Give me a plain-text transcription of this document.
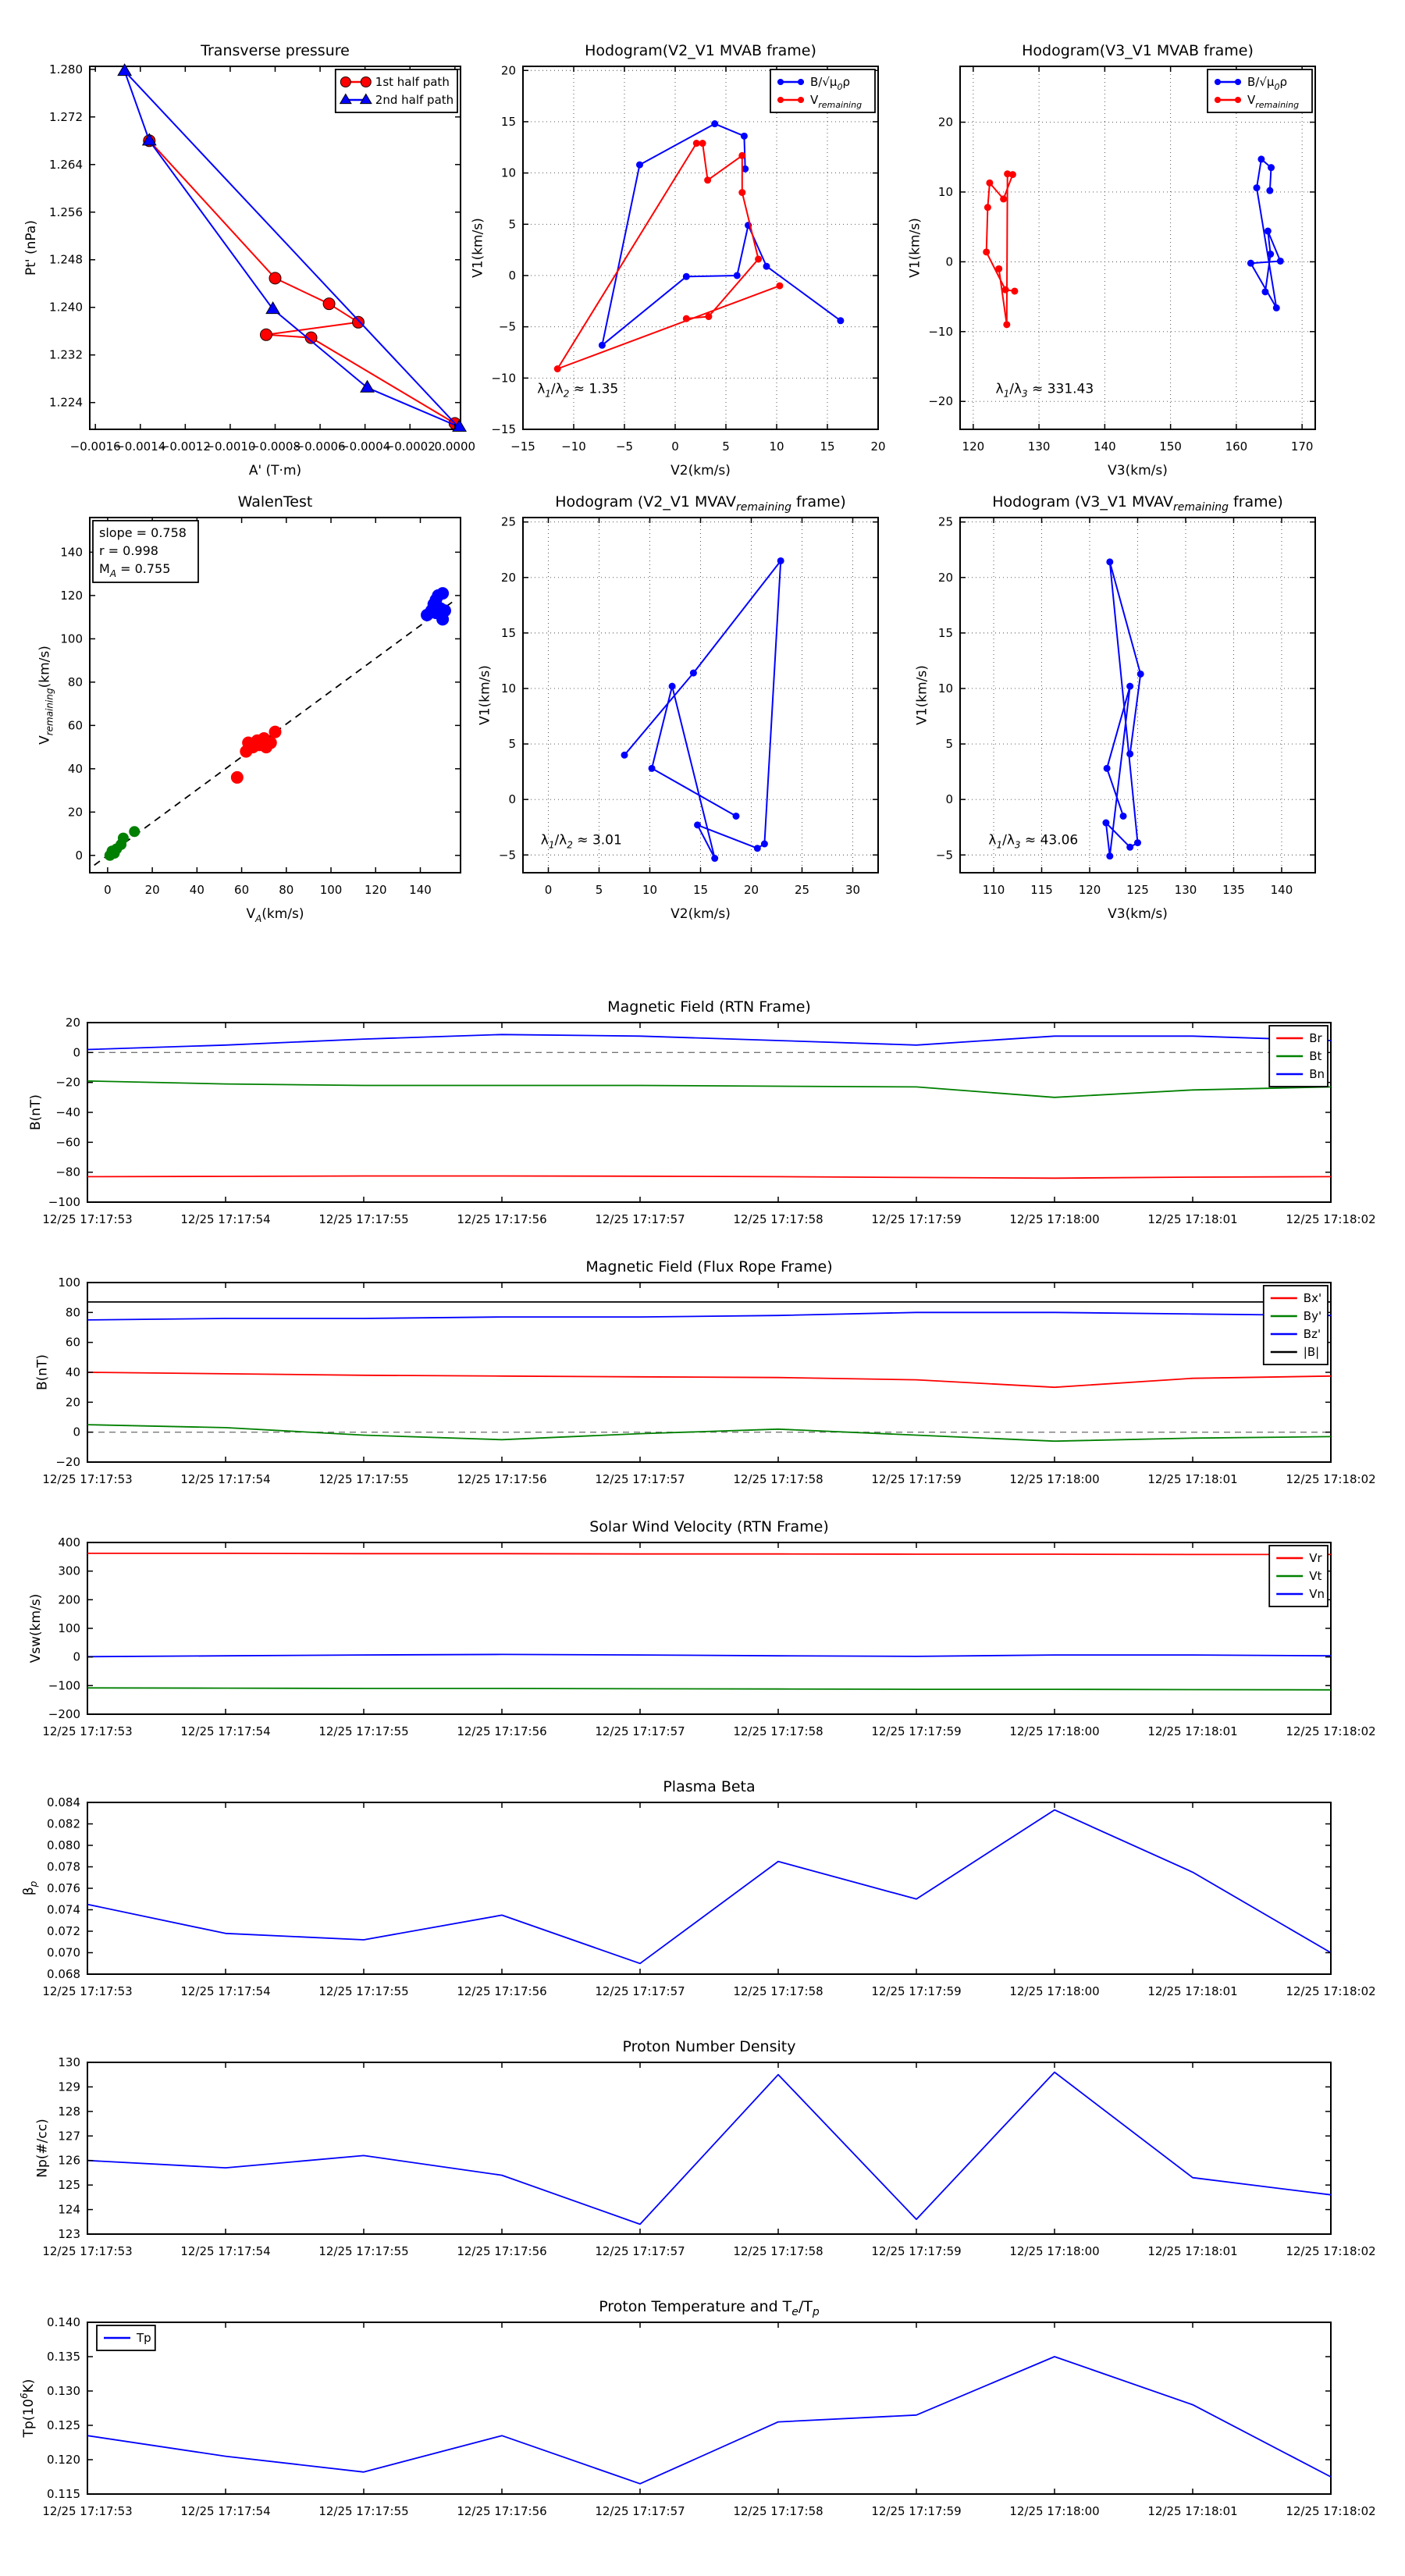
−0.0016
−0.0014
−0.0012
−0.0010
−0.0008
−0.0006
−0.0004
−0.0002
0.0000
1.224
1.232
1.240
1.248
1.256
1.264
1.272
1.280
Transverse pressure
A' (T·m)
Pt' (nPa)
1st half path
2nd half path
−15 −10	−5	0	5	10	15	20
−15
−10
−5
0
5
10
15
20
Hodogram(V2_V1 MVAB frame)
V2(km/s)
V1(km/s)
$\lambda_1/\lambda_2 \approx 1.35$
$B/√\mu_0\rho$
$V_{remaining}$
120	130	140	150	160	170
−20
−10
0
10
20
Hodogram(V3_V1 MVAB frame)
V3(km/s)
V1(km/s)
$\lambda_1/\lambda_3 \approx 331.43$
$B/√\mu_0\rho$
$V_{remaining}$
0	20	40	60	80 100 120 140
0
20
40
60
80
100
120
140
WalenTest
$V_A(km/s)$
$V_{remaining}(km/s)$
slope = 0.758
r = 0.998
$M_A = 0.755$
0	5	10	15	20	25	30
−5
0
5
10
15
20
25
Hodogram (V2_V1 $MVAV_{remaining}$ frame)
V2(km/s)
V1(km/s)
$\lambda_1/\lambda_2 \approx 3.01$
110 115 120 125 130 135 140
−5
0
5
10
15
20
25
Hodogram (V3_V1 $MVAV_{remaining}$ frame)
V3(km/s)
V1(km/s)
$\lambda_1/\lambda_3 \approx 43.06$
12/25 17:17:53	12/25 17:17:54	12/25 17:17:55	12/25 17:17:56	12/25 17:17:57	12/25 17:17:58	12/25 17:17:59	12/25 17:18:00	12/25 17:18:01	12/25 17:18:02
−100
−80
−60
−40
−20
0
20
Magnetic Field (RTN Frame)
B(nT)
Br
Bt
Bn
12/25 17:17:53	12/25 17:17:54	12/25 17:17:55	12/25 17:17:56	12/25 17:17:57	12/25 17:17:58	12/25 17:17:59	12/25 17:18:00	12/25 17:18:01	12/25 17:18:02
−20
0
20
40
60
80
100
Magnetic Field (Flux Rope Frame)
B(nT)
Bx'
By'
Bz'
|B|
12/25 17:17:53	12/25 17:17:54	12/25 17:17:55	12/25 17:17:56	12/25 17:17:57	12/25 17:17:58	12/25 17:17:59	12/25 17:18:00	12/25 17:18:01	12/25 17:18:02
−200
−100
0
100
200
300
400
Solar Wind Velocity (RTN Frame)
Vsw(km/s)
Vr
Vt
Vn
12/25 17:17:53	12/25 17:17:54	12/25 17:17:55	12/25 17:17:56	12/25 17:17:57	12/25 17:17:58	12/25 17:17:59	12/25 17:18:00	12/25 17:18:01	12/25 17:18:02
0.068
0.070
0.072
0.074
0.076
0.078
0.080
0.082
0.084
Plasma Beta
$\beta_p$
12/25 17:17:53	12/25 17:17:54	12/25 17:17:55	12/25 17:17:56	12/25 17:17:57	12/25 17:17:58	12/25 17:17:59	12/25 17:18:00	12/25 17:18:01	12/25 17:18:02
123
124
125
126
127
128
129
130
Proton Number Density
Np(#/cc)
12/25 17:17:53	12/25 17:17:54	12/25 17:17:55	12/25 17:17:56	12/25 17:17:57	12/25 17:17:58	12/25 17:17:59	12/25 17:18:00	12/25 17:18:01	12/25 17:18:02
0.115
0.120
0.125
0.130
0.135
0.140
Proton Temperature and $T_e/T_p$
$Tp(10^6K)$
Tp
